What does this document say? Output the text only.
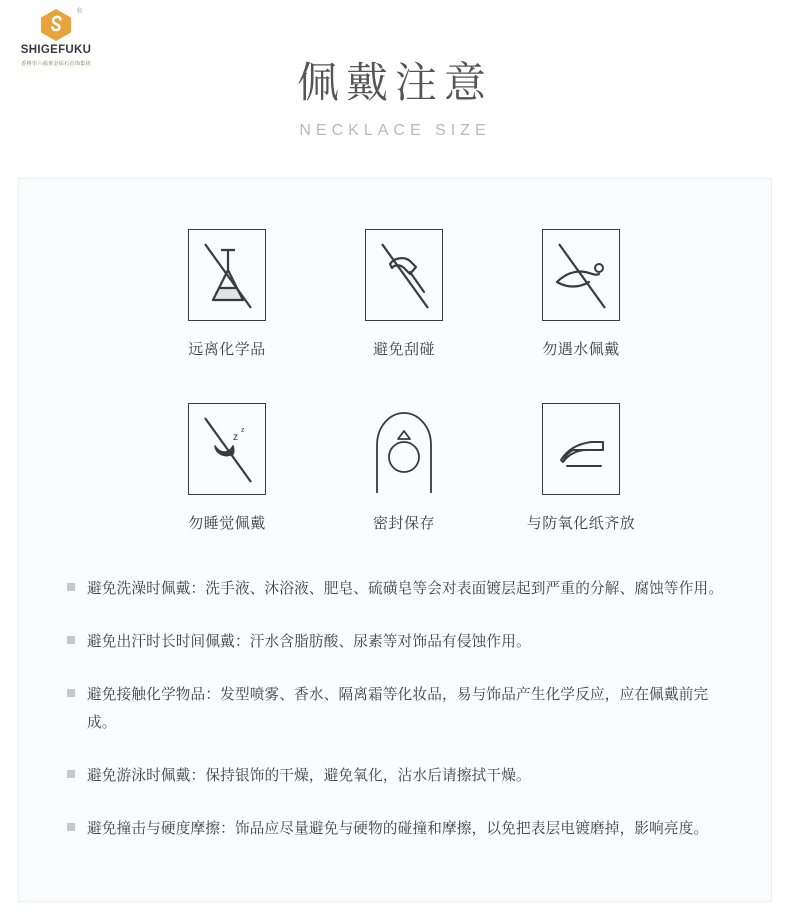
®
SHIGEFUKU
香格里六福黄金钻石首饰集团	佩戴注意
NECKLACE SIZE
远离化学品	避免刮碰	勿遇水佩戴
z
z
勿睡觉佩戴	密封保存	与防氧化纸齐放
避免洗澡时佩戴：洗手液、沐浴液、肥皂、硫磺皂等会对表面镀层起到严重的分解、腐蚀等作用。
避免出汗时长时间佩戴：汗水含脂肪酸、尿素等对饰品有侵蚀作用。
避免接触化学物品：发型喷雾、香水、隔离霜等化妆品，易与饰品产生化学反应，应在佩戴前完成。
避免游泳时佩戴：保持银饰的干燥，避免氧化，沾水后请擦拭干燥。
避免撞击与硬度摩擦：饰品应尽量避免与硬物的碰撞和摩擦，以免把表层电镀磨掉，影响亮度。
